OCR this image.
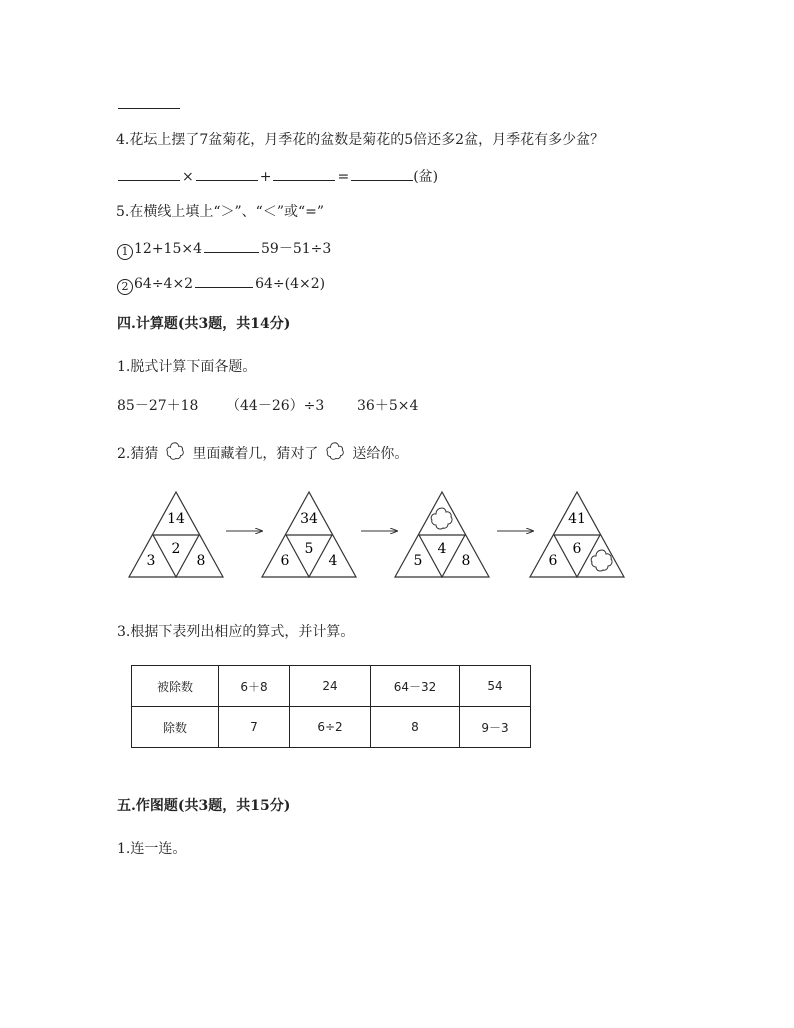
4.花坛上摆了7盆菊花，月季花的盆数是菊花的5倍还多2盆，月季花有多少盆？
×	+	=	(盆)
5.在横线上填上“＞”、“＜”或“=”
1 12+15×4	59－51÷3
2 64÷4×2	64÷(4×2)
四.计算题(共3题，共14分)
1.脱式计算下面各题。
85－27＋18 （44－26）÷3 36＋5×4
2.猜猜 里面藏着几，猜对了 送给你。
14
3
2
8
34
6
5
4	5
4
8
41
6
6
3.根据下表列出相应的算式，并计算。
被除数	6＋8	24	64－32	54
除数	7	6÷2	8	9－3
五.作图题(共3题，共15分)
1.连一连。
